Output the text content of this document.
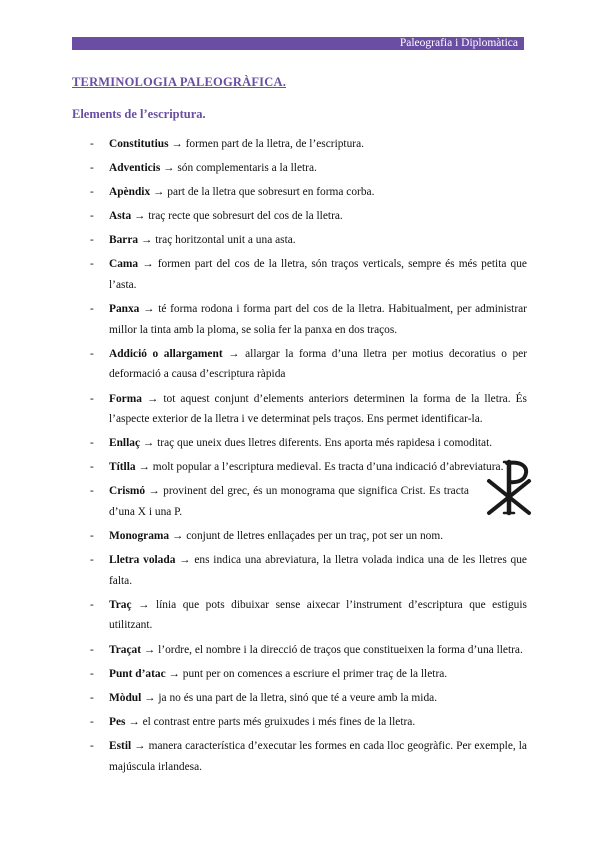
Paleografia i Diplomàtica
TERMINOLOGIA PALEOGRÀFICA.
Elements de l’escriptura.
- Constitutius → formen part de la lletra, de l’escriptura.
- Adventicis → són complementaris a la lletra.
- Apèndix → part de la lletra que sobresurt en forma corba.
- Asta → traç recte que sobresurt del cos de la lletra.
- Barra → traç horitzontal unit a una asta.
- Cama → formen part del cos de la lletra, són traços verticals, sempre és més petita que l’asta.
- Panxa → té forma rodona i forma part del cos de la lletra. Habitualment, per administrar millor la tinta amb la ploma, se solia fer la panxa en dos traços.
- Addició o allargament → allargar la forma d’una lletra per motius decoratius o per deformació a causa d’escriptura ràpida
- Forma → tot aquest conjunt d’elements anteriors determinen la forma de la lletra. És l’aspecte exterior de la lletra i ve determinat pels traços. Ens permet identificar-la.
- Enllaç → traç que uneix dues lletres diferents. Ens aporta més rapidesa i comoditat.
- Títlla → molt popular a l’escriptura medieval. Es tracta d’una indicació d’abreviatura.
- Crismó → provinent del grec, és un monograma que significa Crist. Es tracta d’una X i una P.
- Monograma → conjunt de lletres enllaçades per un traç, pot ser un nom.
- Lletra volada → ens indica una abreviatura, la lletra volada indica una de les lletres que falta.
- Traç → línia que pots dibuixar sense aixecar l’instrument d’escriptura que estiguis utilitzant.
- Traçat → l’ordre, el nombre i la direcció de traços que constitueixen la forma d’una lletra.
- Punt d’atac → punt per on comences a escriure el primer traç de la lletra.
- Mòdul → ja no és una part de la lletra, sinó que té a veure amb la mida.
- Pes → el contrast entre parts més gruixudes i més fines de la lletra.
- Estil → manera característica d’executar les formes en cada lloc geogràfic. Per exemple, la majúscula irlandesa.
